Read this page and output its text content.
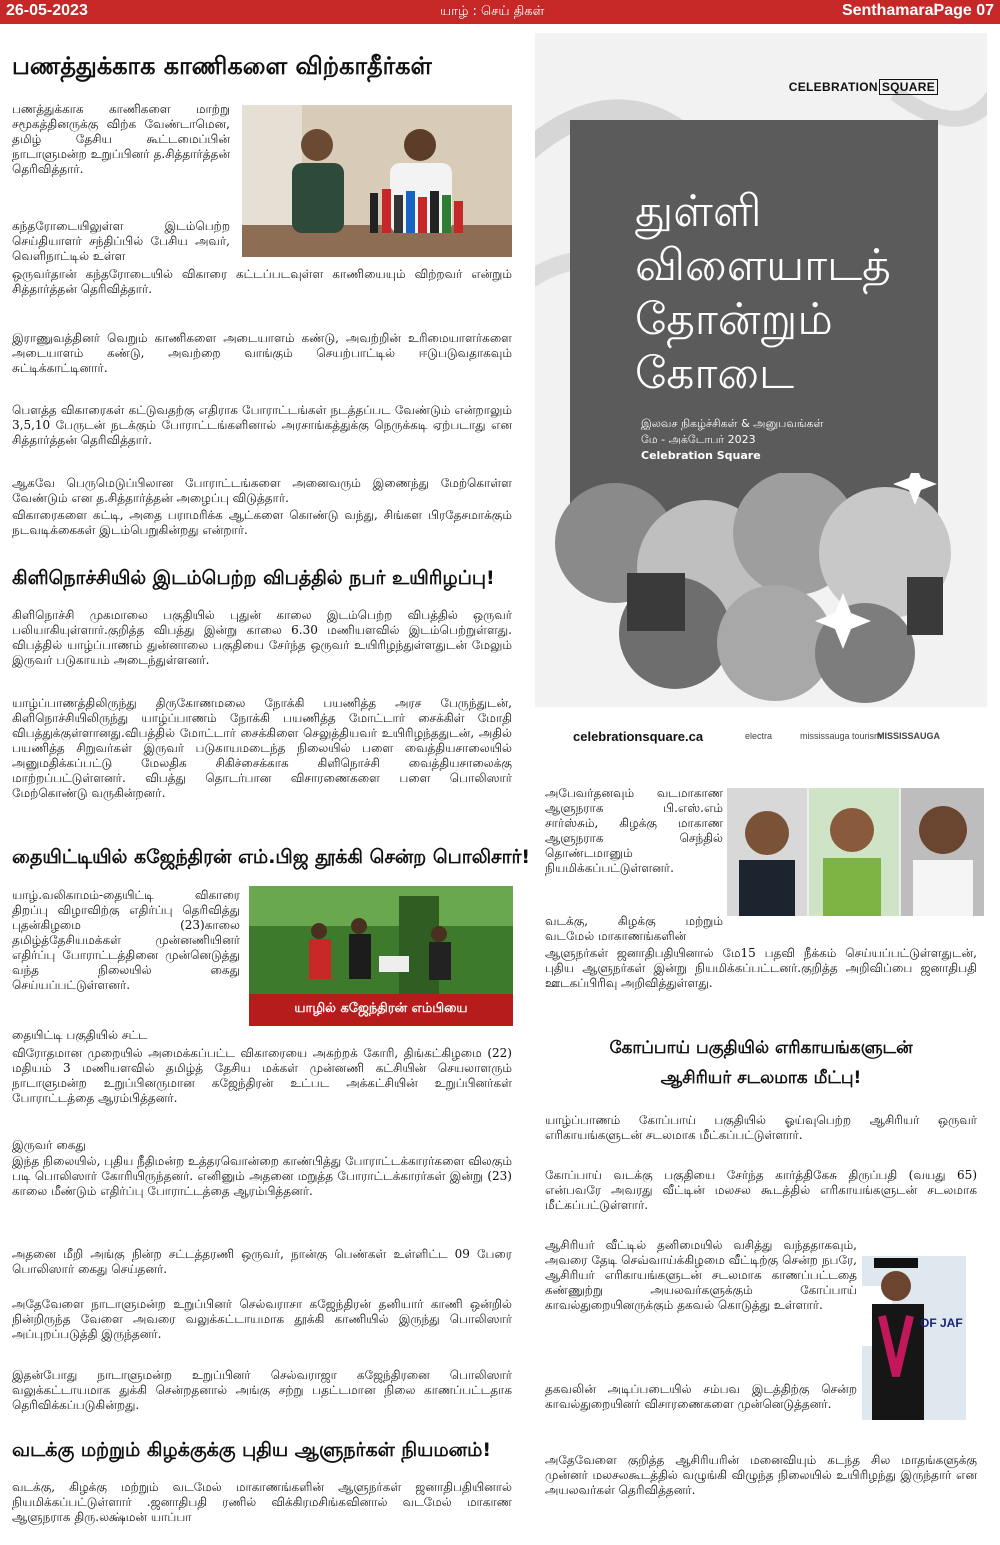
26-05-2023	யாழ் : செய் திகள்	Senthamarai
Page 07
பணத்துக்காக காணிகளை விற்காதீர்கள்
பணத்துக்காக காணிகளை மாற்று சமூகத்தினருக்கு விற்க வேண்டாமென, தமிழ் தேசிய கூட்டமைப்பின் நாடாளுமன்ற உறுப்பினர் த.சித்தார்த்தன் தெரிவித்தார்.
கந்தரோடையிலுள்ள இடம்பெற்ற செய்தியாளர் சந்திப்பில் பேசிய அவர், வெளிநாட்டில் உள்ள
ஒருவர்தான் கந்தரோடையில் விகாரை கட்டப்படவுள்ள காணியையும் விற்றவர் என்றும் சித்தார்த்தன் தெரிவித்தார்.
இராணுவத்தினர் வெறும் காணிகளை அடையாளம் கண்டு, அவற்றின் உரிமையாளர்களை அடையாளம் கண்டு, அவற்றை வாங்கும் செயற்பாட்டில் ஈடுபடுவதாகவும் சுட்டிக்காட்டினார்.
பௌத்த விகாரைகள் கட்டுவதற்கு எதிராக போராட்டங்கள் நடத்தப்பட வேண்டும் என்றாலும் 3,5,10 பேருடன் நடக்கும் போராட்டங்களினால் அரசாங்கத்துக்கு நெருக்கடி ஏற்படாது என சித்தார்த்தன் தெரிவித்தார்.
ஆகவே பெருமெடுப்பிலான போராட்டங்களை அனைவரும் இணைந்து மேற்கொள்ள வேண்டும் என த.சித்தார்த்தன் அழைப்பு விடுத்தார்.
விகாரைகளை கட்டி, அதை பராமரிக்க ஆட்களை கொண்டு வந்து, சிங்கள பிரதேசமாக்கும் நடவடிக்கைகள் இடம்பெறுகின்றது என்றார்.
கிளிநொச்சியில் இடம்பெற்ற விபத்தில் நபர் உயிரிழப்பு!
கிளிநொச்சி முகமாலை பகுதியில் புதுன் காலை இடம்பெற்ற விபத்தில் ஒருவர் பலியாகியுள்ளார்.குறித்த விபத்து இன்று காலை 6.30 மணியளவில் இடம்பெற்றுள்ளது. விபத்தில் யாழ்ப்பாணம் துன்னாலை பகுதியை சேர்ந்த ஒருவர் உயிரிழந்துள்ளதுடன் மேலும் இருவர் படுகாயம் அடைந்துள்ளனர்.
யாழ்ப்பாணத்திலிருந்து திருகோணமலை நோக்கி பயணித்த அரச பேருந்துடன், கிளிநொச்சியிலிருந்து யாழ்ப்பாணம் நோக்கி பயணித்த மோட்டார் சைக்கிள் மோதி விபத்துக்குள்ளானது.விபத்தில் மோட்டார் சைக்கிளை செலுத்தியவர் உயிரிழந்ததுடன், அதில் பயணித்த சிறுவர்கள் இருவர் படுகாயமடைந்த நிலையில் பளை வைத்தியசாலையில் அனுமதிக்கப்பட்டு மேலதிக சிகிச்சைக்காக கிளிநொச்சி வைத்தியசாலைக்கு மாற்றப்பட்டுள்ளனர். விபத்து தொடர்பான விசாரணைகளை பளை பொலிஸார் மேற்கொண்டு வருகின்றனர்.
தையிட்டியில் கஜேந்திரன் எம்.பிஜ தூக்கி சென்ற பொலிசார்!
யாழ்.வலிகாமம்-தையிட்டி விகாரை திறப்பு விழாவிற்கு எதிர்ப்பு தெரிவித்து புதன்கிழமை (23)காலை தமிழ்த்தேசியமக்கள் முன்னணியினர் எதிர்ப்பு போராட்டத்தினை முன்னெடுத்து வந்த நிலையில் கைது செய்யப்பட்டுள்ளனர்.
யாழில் கஜேந்திரன் எம்பியை
தையிட்டி பகுதியில் சட்ட
விரோதமான முறையில் அமைக்கப்பட்ட விகாரையை அகற்றக் கோரி, திங்கட்கிழமை (22) மதியம் 3 மணியளவில் தமிழ்த் தேசிய மக்கள் முன்னணி கட்சியின் செயலாளரும் நாடாளுமன்ற உறுப்பினருமான கஜேந்திரன் உட்பட அக்கட்சியின் உறுப்பினர்கள் போராட்டத்தை ஆரம்பித்தனர்.
இருவர் கைது
இந்த நிலையில், புதிய நீதிமன்ற உத்தரவொன்றை காண்பித்து போராட்டக்காரர்களை விலகும் படி பொலிஸார் கோரியிருந்தனர். எனினும் அதனை மறுத்த போராட்டக்காரர்கள் இன்று (23) காலை மீண்டும் எதிர்ப்பு போராட்டத்தை ஆரம்பித்தனர்.
அதனை மீறி அங்கு நின்ற சட்டத்தரணி ஒருவர், நான்கு பெண்கள் உள்ளிட்ட 09 பேரை பொலிஸார் கைது செய்தனர்.
அதேவேளை நாடாளுமன்ற உறுப்பினர் செல்வராசா கஜேந்திரன் தனியார் காணி ஒன்றில் நின்றிருந்த வேளை அவரை வலுக்கட்டாயமாக தூக்கி காணியில் இருந்து பொலிஸார் அப்புறப்படுத்தி இருந்தனர்.
இதன்போது நாடாளுமன்ற உறுப்பினர் செல்வராஜா கஜேந்திரனை பொலிஸார் வலுக்கட்டாயமாக துக்கி சென்றதனால் அங்கு சற்று பதட்டமான நிலை காணப்பட்டதாக தெரிவிக்கப்படுகின்றது.
வடக்கு மற்றும் கிழக்குக்கு புதிய ஆளுநர்கள் நியமனம்!
வடக்கு, கிழக்கு மற்றும் வடமேல் மாகாணங்களின் ஆளுநர்கள் ஜனாதிபதியினால் நியமிக்கப்பட்டுள்ளார் .ஜனாதிபதி ரணில் விக்கிரமசிங்கவினால் வடமேல் மாகாண ஆளுநராக திரு.லக்ஷ்மன் யாப்பா
CELEBRATION SQUARE
துள்ளி
விளையாடத்
தோன்றும்
கோடை
இலவச நிகழ்ச்சிகள் & அனுபவங்கள்
மே - அக்டோபர் 2023
Celebration Square
celebrationsquare.ca	electra	mississauga tourism
MISSISSAUGA
அபேவர்தனவும் வடமாகாண ஆளுநராக பி.எஸ்.எம் சார்ஸ்சும், கிழக்கு மாகாண ஆளுநராக செந்தில் தொண்டமானும் நியமிக்கப்பட்டுள்ளனர்.
வடக்கு, கிழக்கு மற்றும் வடமேல் மாகாணங்களின்
ஆளுநர்கள் ஜனாதிபதியினால் மே15 பதவி நீக்கம் செய்யப்பட்டுள்ளதுடன், புதிய ஆளுநர்கள் இன்று நியமிக்கப்பட்டனர்.குறித்த அறிவிப்பை ஜனாதிபதி ஊடகப்பிரிவு அறிவித்துள்ளது.
கோப்பாய் பகுதியில் எரிகாயங்களுடன்
ஆசிரியர் சடலமாக மீட்பு!
யாழ்ப்பாணம் கோப்பாய் பகுதியில் ஓய்வுபெற்ற ஆசிரியர் ஒருவர் எரிகாயங்களுடன் சடலமாக மீட்கப்பட்டுள்ளார்.
கோப்பாய் வடக்கு பகுதியை சேர்ந்த கார்த்திகேசு திருப்பதி (வயது 65) என்பவரே அவரது வீட்டின் மலசல கூடத்தில் எரிகாயங்களுடன் சடலமாக மீட்கப்பட்டுள்ளார்.
ஆசிரியர் வீட்டில் தனிமையில் வசித்து வந்ததாகவும், அவரை தேடி செவ்வாய்க்கிழமை வீட்டிற்கு சென்ற நபரே, ஆசிரியர் எரிகாயங்களுடன் சடலமாக காணப்பட்டதை கண்ணுற்று அயலவர்களுக்கும் கோப்பாய் காவல்துறையினருக்கும் தகவல் கொடுத்து உள்ளார்.
OF JAF
தகவலின் அடிப்படையில் சம்பவ இடத்திற்கு சென்ற காவல்துறையினர் விசாரணைகளை முன்னெடுத்தனர்.
அதேவேளை குறித்த ஆசிரியரின் மனைவியும் கடந்த சில மாதங்களுக்கு முன்னர் மலசலகூடத்தில் வழுங்கி விழுந்த நிலையில் உயிரிழந்து இருந்தார் என அயலவர்கள் தெரிவித்தனர்.
